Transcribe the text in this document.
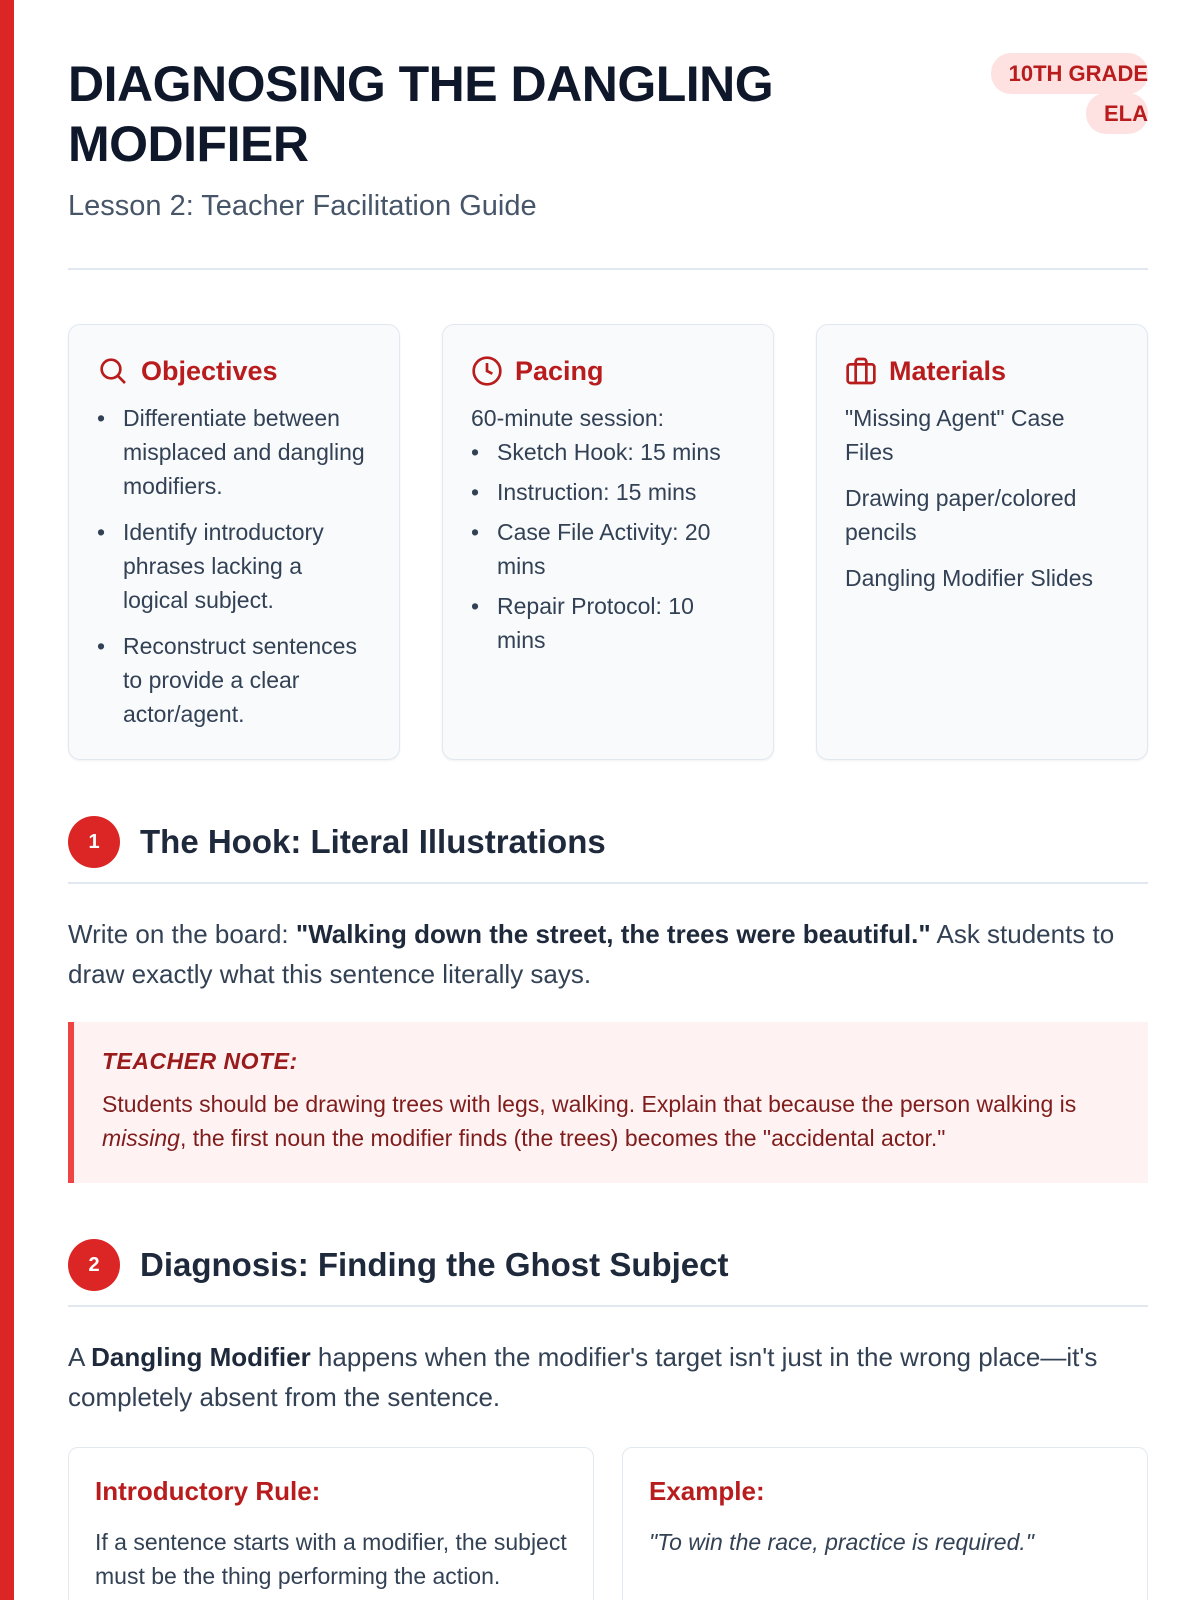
DIAGNOSING THE DANGLING MODIFIER
Lesson 2: Teacher Facilitation Guide
10TH GRADE ELA
Objectives
• Differentiate between misplaced and dangling modifiers.
• Identify introductory phrases lacking a logical subject.
• Reconstruct sentences to provide a clear actor/agent.
Pacing
60-minute session:
• Sketch Hook: 15 mins
• Instruction: 15 mins
• Case File Activity: 20 mins
• Repair Protocol: 10 mins
Materials
"Missing Agent" Case Files
Drawing paper/colored pencils
Dangling Modifier Slides
1	The Hook: Literal Illustrations

Write on the board: "Walking down the street, the trees were beautiful." Ask students to draw exactly what this sentence literally says.

TEACHER NOTE:
Students should be drawing trees with legs, walking. Explain that because the person walking is missing, the first noun the modifier finds (the trees) becomes the "accidental actor."
2	Diagnosis: Finding the Ghost Subject

A Dangling Modifier happens when the modifier's target isn't just in the wrong place—it's completely absent from the sentence.

Introductory Rule:
If a sentence starts with a modifier, the subject must be the thing performing the action.
Example:
"To win the race, practice is required."
